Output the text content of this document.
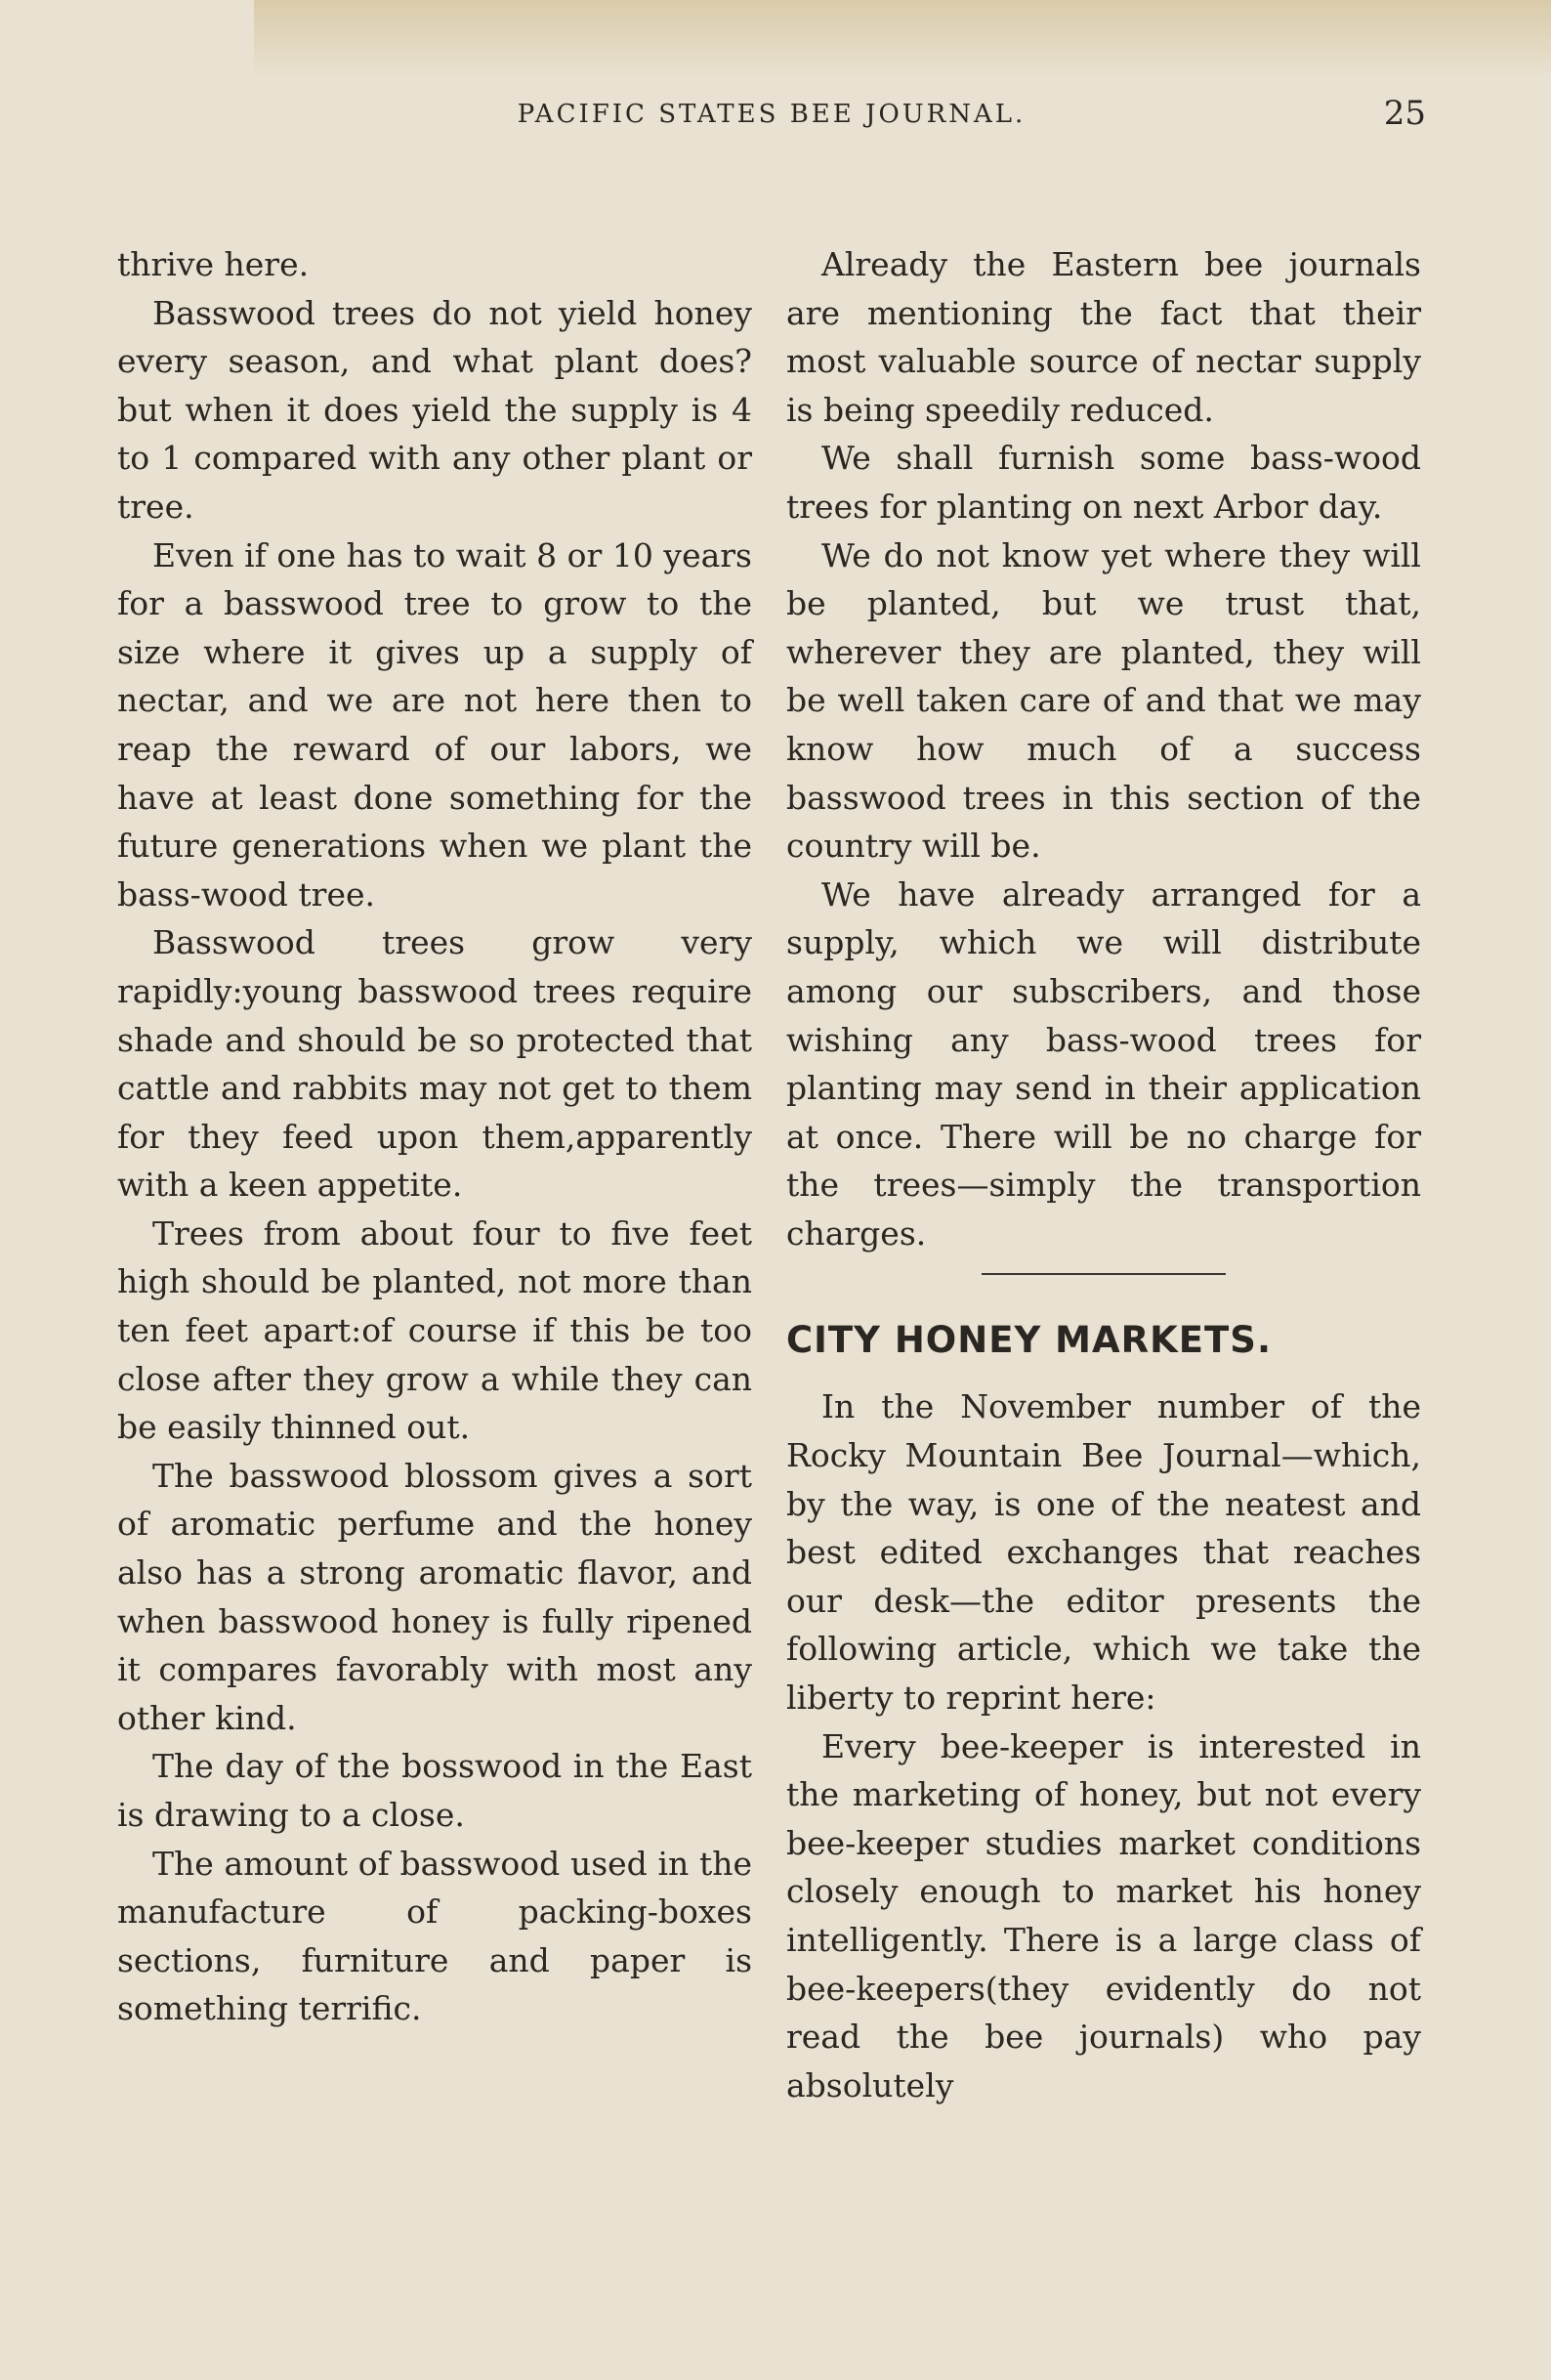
PACIFIC STATES BEE JOURNAL.	25

thrive here.

Basswood trees do not yield honey every season, and what plant does? but when it does yield the supply is 4 to 1 compared with any other plant or tree.

Even if one has to wait 8 or 10 years for a basswood tree to grow to the size where it gives up a supply of nectar, and we are not here then to reap the reward of our labors, we have at least done something for the future generations when we plant the bass-wood tree.

Basswood trees grow very rapidly:young basswood trees require shade and should be so protected that cattle and rabbits may not get to them for they feed upon them,apparently with a keen appetite.

Trees from about four to five feet high should be planted, not more than ten feet apart:of course if this be too close after they grow a while they can be easily thinned out.

The basswood blossom gives a sort of aromatic perfume and the honey also has a strong aromatic flavor, and when basswood honey is fully ripened it compares favorably with most any other kind.

The day of the bosswood in the East is drawing to a close.

The amount of basswood used in the manufacture of packing-boxes sections, furniture and paper is something terrific.

Already the Eastern bee journals are mentioning the fact that their most valuable source of nectar supply is being speedily reduced.

We shall furnish some bass-wood trees for planting on next Arbor day.

We do not know yet where they will be planted, but we trust that, wherever they are planted, they will be well taken care of and that we may know how much of a success basswood trees in this section of the country will be.

We have already arranged for a supply, which we will distribute among our subscribers, and those wishing any bass-wood trees for planting may send in their application at once. There will be no charge for the trees—simply the transportion charges.

CITY HONEY MARKETS.

In the November number of the Rocky Mountain Bee Journal—which, by the way, is one of the neatest and best edited exchanges that reaches our desk—the editor presents the following article, which we take the liberty to reprint here:

Every bee-keeper is interested in the marketing of honey, but not every bee-keeper studies market conditions closely enough to market his honey intelligently. There is a large class of bee-keepers(they evidently do not read the bee journals) who pay absolutely
